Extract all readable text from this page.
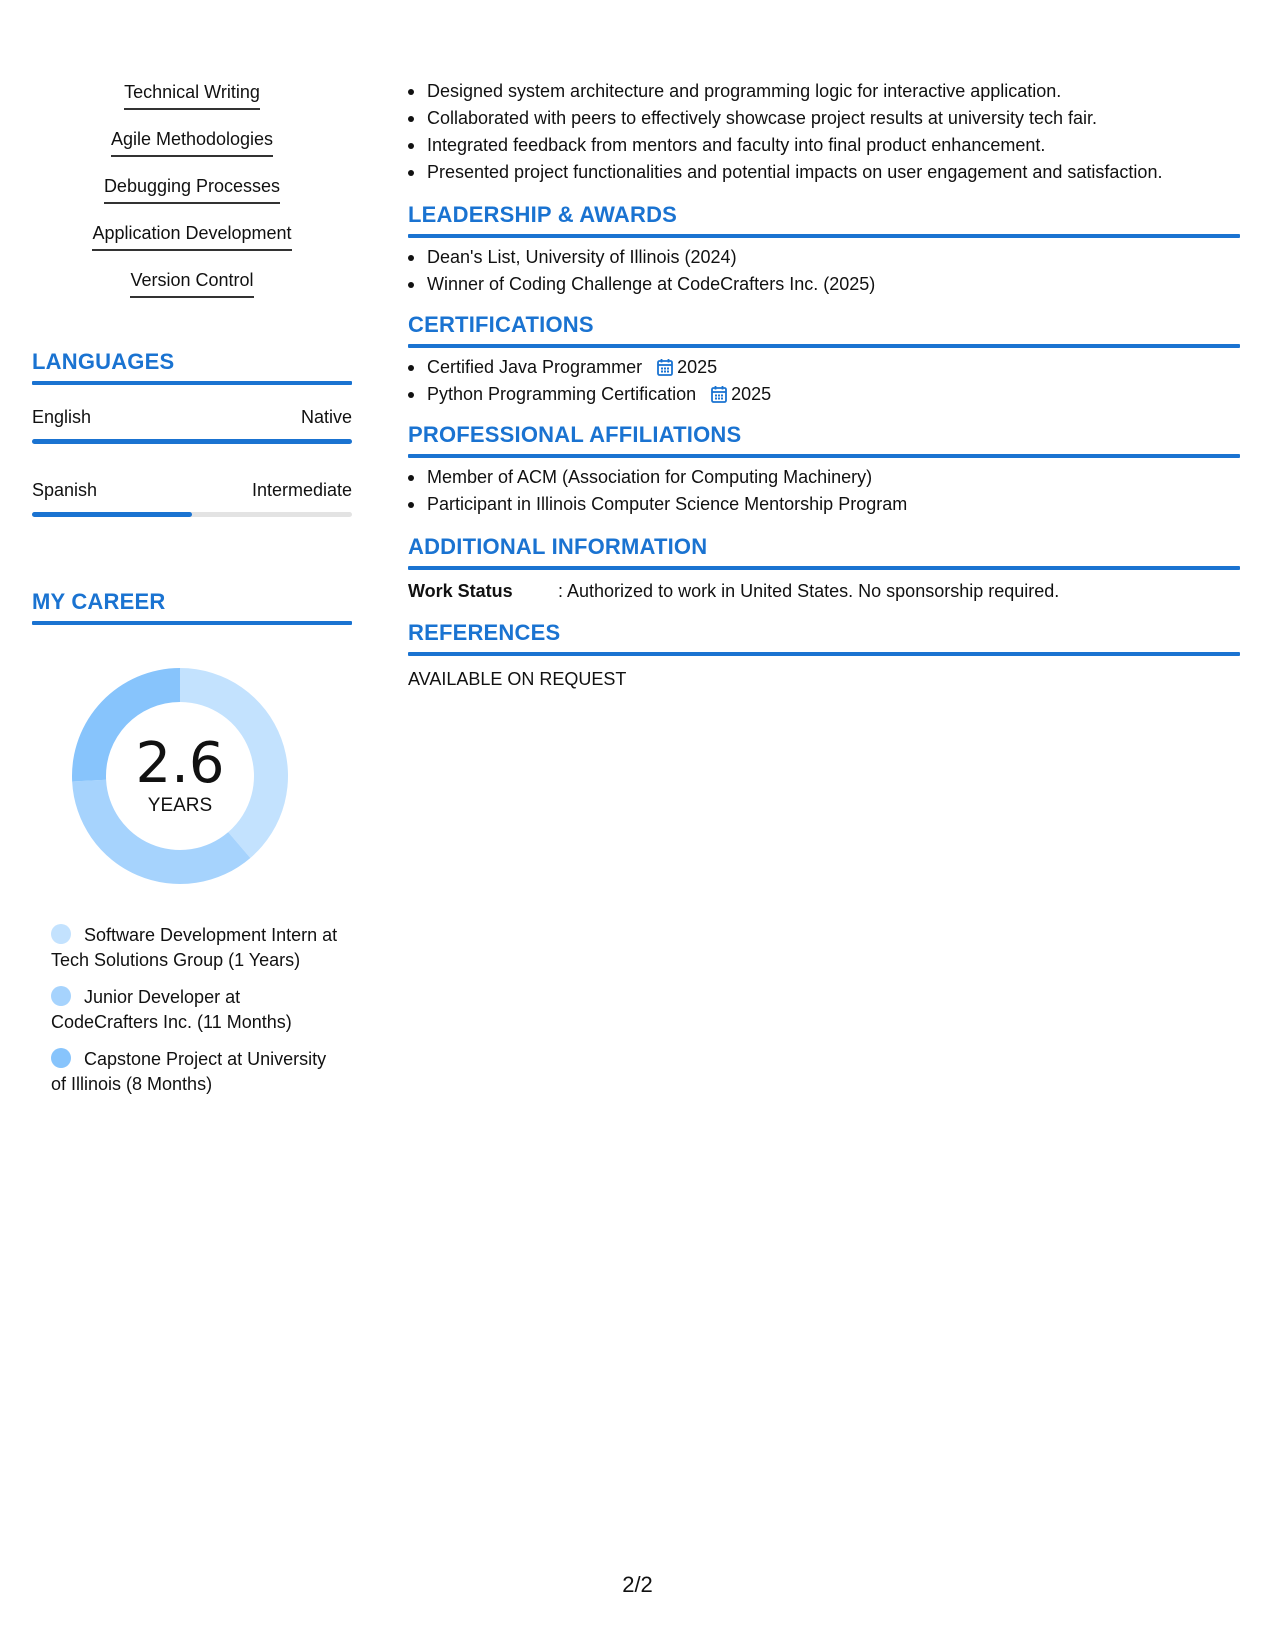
Technical Writing
Agile Methodologies
Debugging Processes
Application Development
Version Control
LANGUAGES
English	Native
Spanish	Intermediate
MY CAREER
2.6
YEARS
Software Development Intern at Tech Solutions Group (1 Years)
Junior Developer at CodeCrafters Inc. (11 Months)
Capstone Project at University of Illinois (8 Months)
Designed system architecture and programming logic for interactive application.
Collaborated with peers to effectively showcase project results at university tech fair.
Integrated feedback from mentors and faculty into final product enhancement.
Presented project functionalities and potential impacts on user engagement and satisfaction.
LEADERSHIP & AWARDS
Dean's List, University of Illinois (2024)
Winner of Coding Challenge at CodeCrafters Inc. (2025)
CERTIFICATIONS
Certified Java Programmer 2025
Python Programming Certification 2025
PROFESSIONAL AFFILIATIONS
Member of ACM (Association for Computing Machinery)
Participant in Illinois Computer Science Mentorship Program
ADDITIONAL INFORMATION
Work Status	: Authorized to work in United States. No sponsorship required.
REFERENCES
AVAILABLE ON REQUEST
2/2
